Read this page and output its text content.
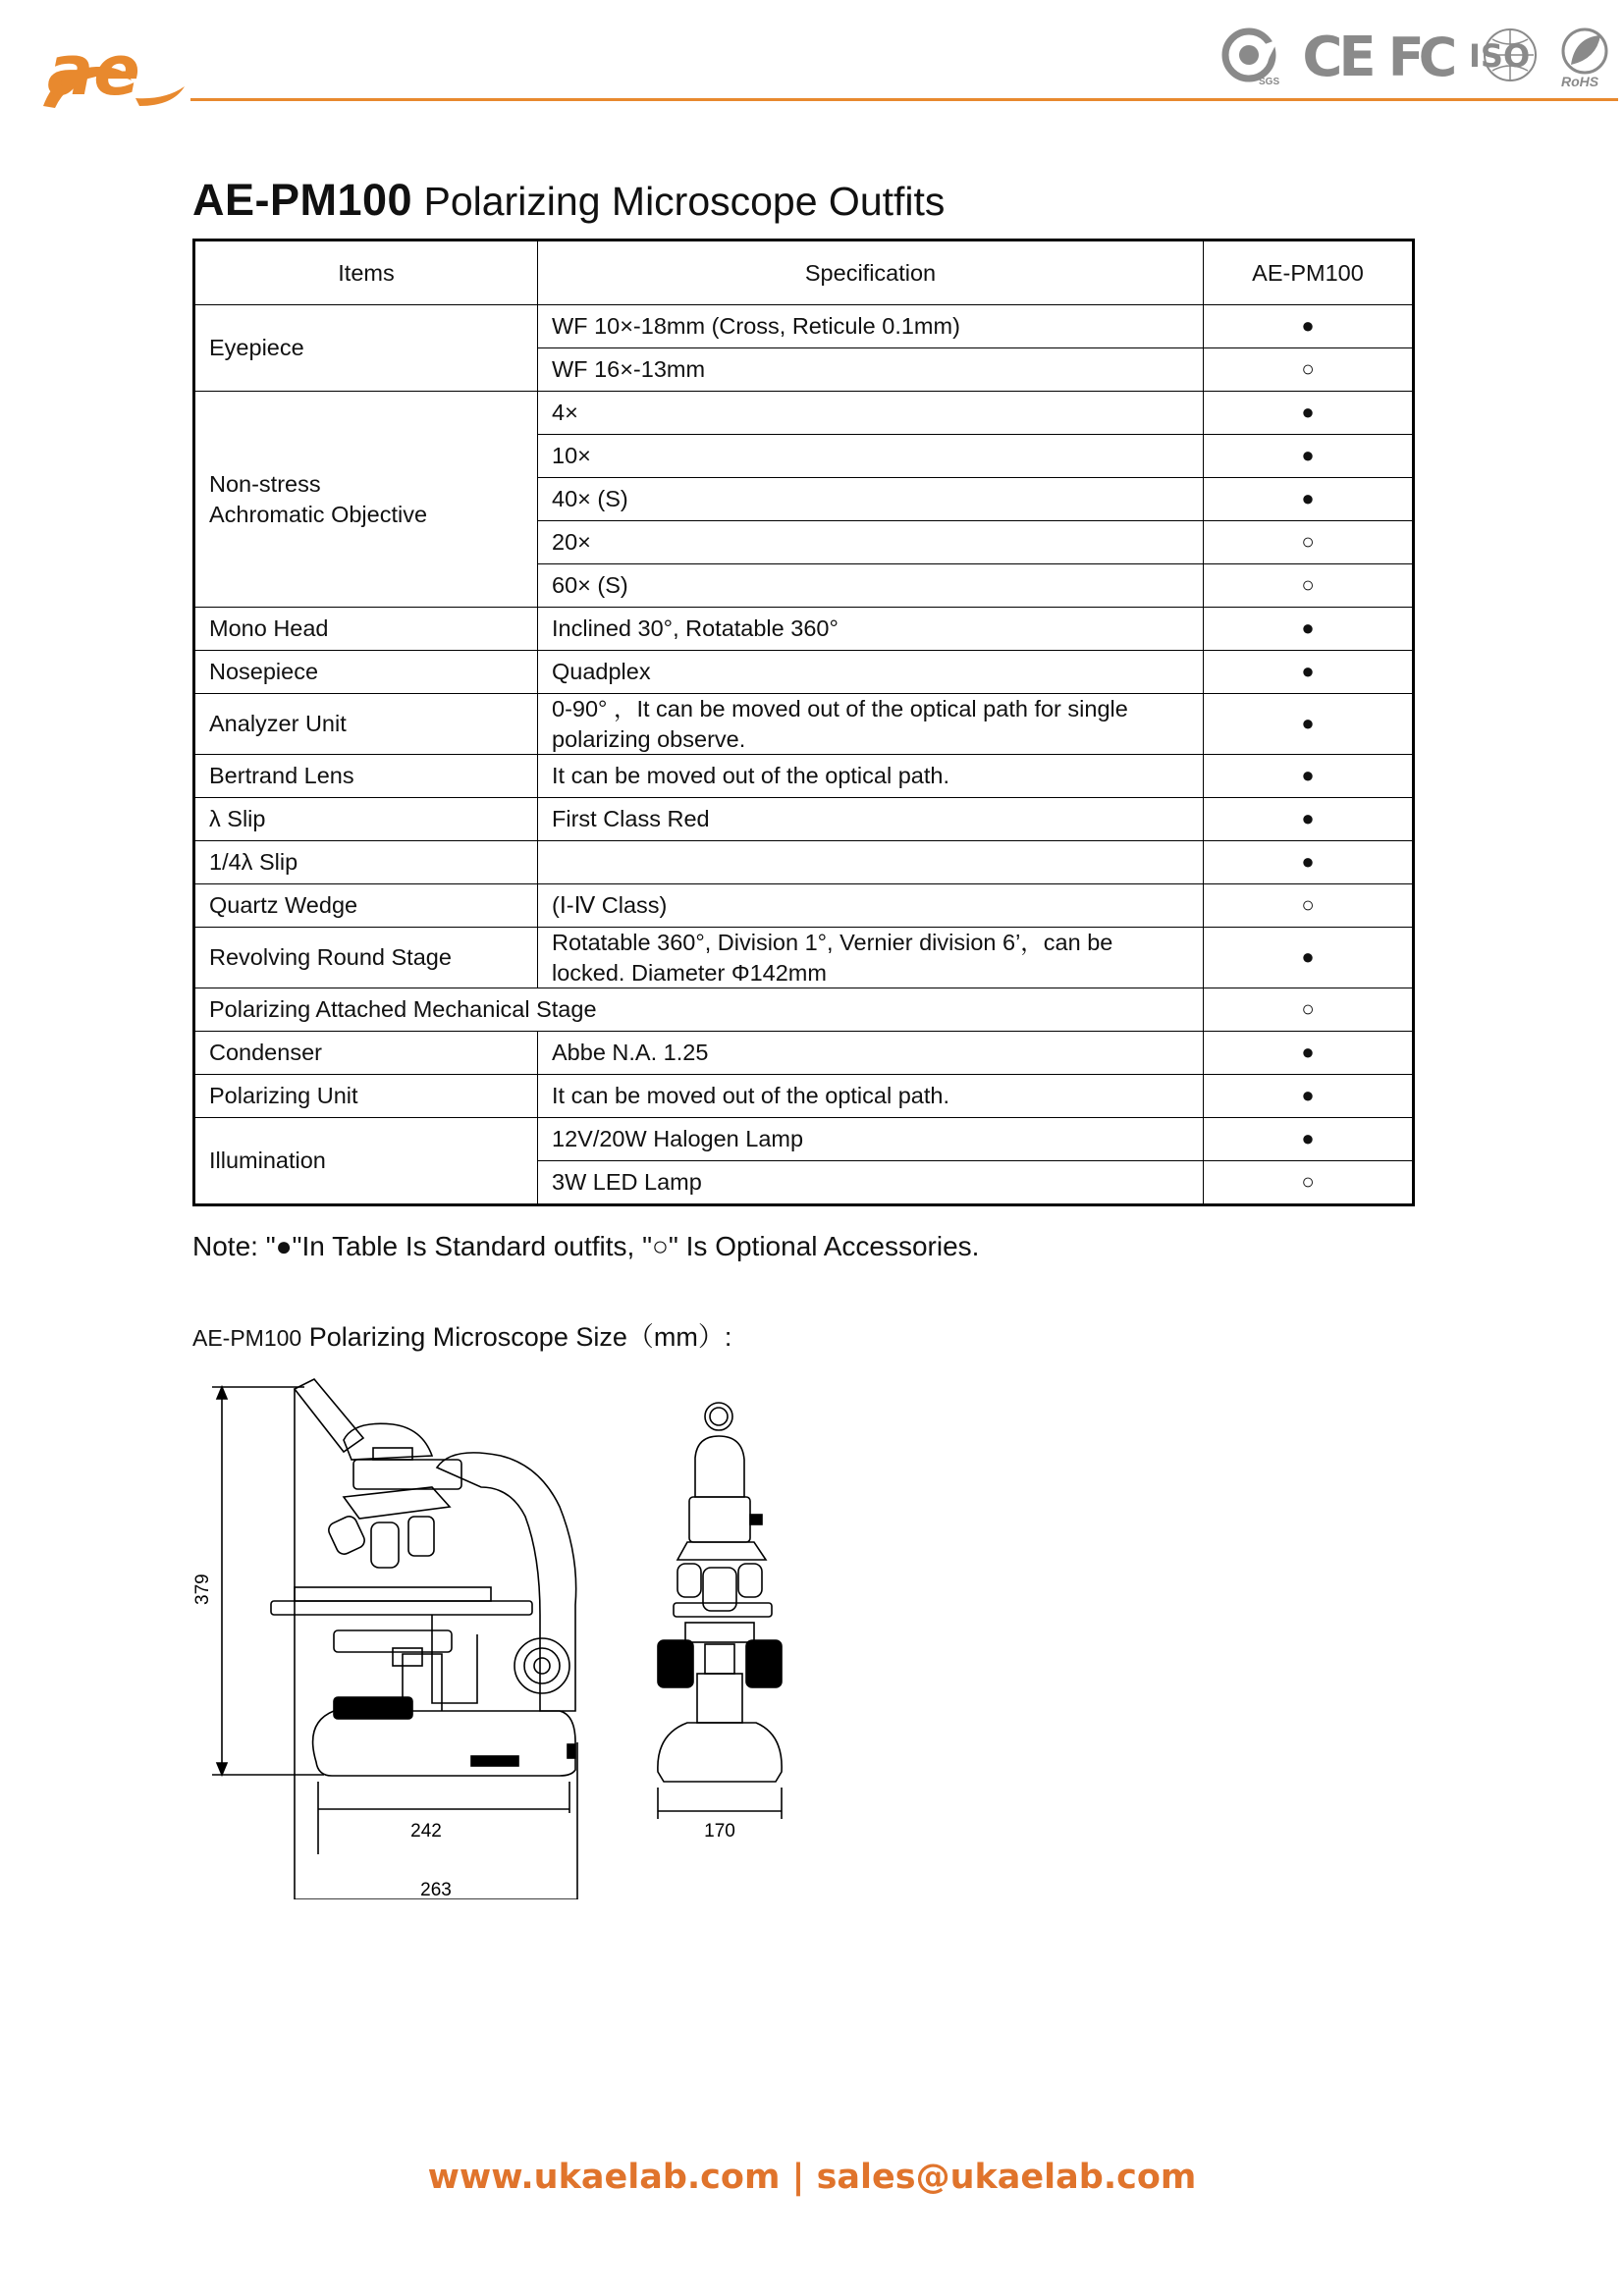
ae	SGS CE FC ISO
RoHS
AE-PM100 Polarizing Microscope Outfits
Items	Specification	AE-PM100
Eyepiece	WF 10×-18mm (Cross, Reticule 0.1mm)	●
	WF 16×-13mm	○
Non-stress
Achromatic Objective	4×	●
	10×	●
	40× (S)	●
	20×	○
	60× (S)	○
Mono Head	Inclined 30°, Rotatable 360°	●
Nosepiece	Quadplex	●
Analyzer Unit	0-90° ，It can be moved out of the optical path for single polarizing observe.	●
Bertrand Lens	It can be moved out of the optical path.	●
λ Slip	First Class Red	●
1/4λ Slip		●
Quartz Wedge	(Ⅰ-Ⅳ Class)	○
Revolving Round Stage	Rotatable 360°, Division 1°, Vernier division 6’，can be locked. Diameter Φ142mm	●
Polarizing Attached Mechanical Stage		○
Condenser	Abbe N.A. 1.25	●
Polarizing Unit	It can be moved out of the optical path.	●
Illumination	12V/20W Halogen Lamp	●
	3W LED Lamp	○
Note: "●"In Table Is Standard outfits, "○" Is Optional Accessories.
AE-PM100 Polarizing Microscope Size（mm）:
379
242
263
170
www.ukaelab.com | sales@ukaelab.com
